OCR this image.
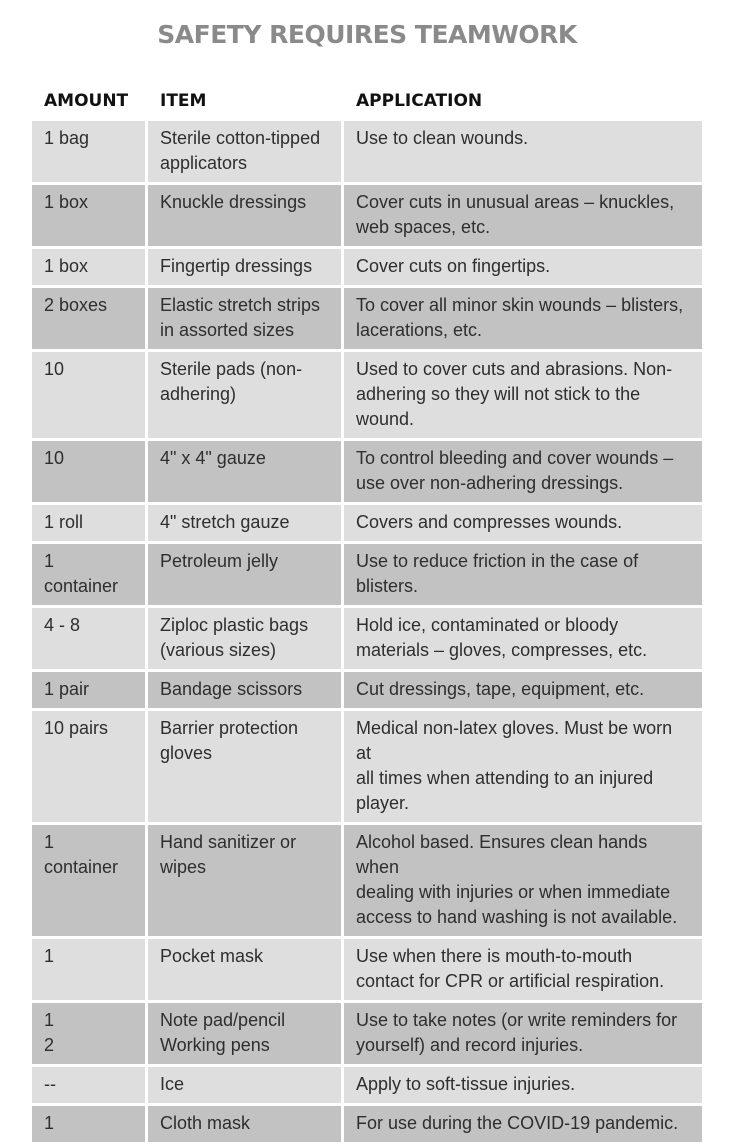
SAFETY REQUIRES TEAMWORK
AMOUNT	ITEM	APPLICATION

1 bag	Sterile cotton-tipped
applicators	Use to clean wounds.

1 box	Knuckle dressings	Cover cuts in unusual areas – knuckles,
web spaces, etc.

1 box	Fingertip dressings	Cover cuts on fingertips.

2 boxes	Elastic stretch strips
in assorted sizes	To cover all minor skin wounds – blisters,
lacerations, etc.

10	Sterile pads (non-
adhering)	Used to cover cuts and abrasions. Non-
adhering so they will not stick to the wound.

10	4" x 4" gauze	To control bleeding and cover wounds –
use over non-adhering dressings.

1 roll	4" stretch gauze	Covers and compresses wounds.

1 container	Petroleum jelly	Use to reduce friction in the case of
blisters.

4 - 8	Ziploc plastic bags
(various sizes)	Hold ice, contaminated or bloody
materials – gloves, compresses, etc.

1 pair	Bandage scissors	Cut dressings, tape, equipment, etc.

10 pairs	Barrier protection
gloves	Medical non-latex gloves. Must be worn at
all times when attending to an injured player.

1 container	Hand sanitizer or
wipes	Alcohol based. Ensures clean hands when
dealing with injuries or when immediate
access to hand washing is not available.

1	Pocket mask	Use when there is mouth-to-mouth
contact for CPR or artificial respiration.

1
2	Note pad/pencil
Working pens	Use to take notes (or write reminders for
yourself) and record injuries.

--	Ice	Apply to soft-tissue injuries.

1	Cloth mask	For use during the COVID-19 pandemic.
